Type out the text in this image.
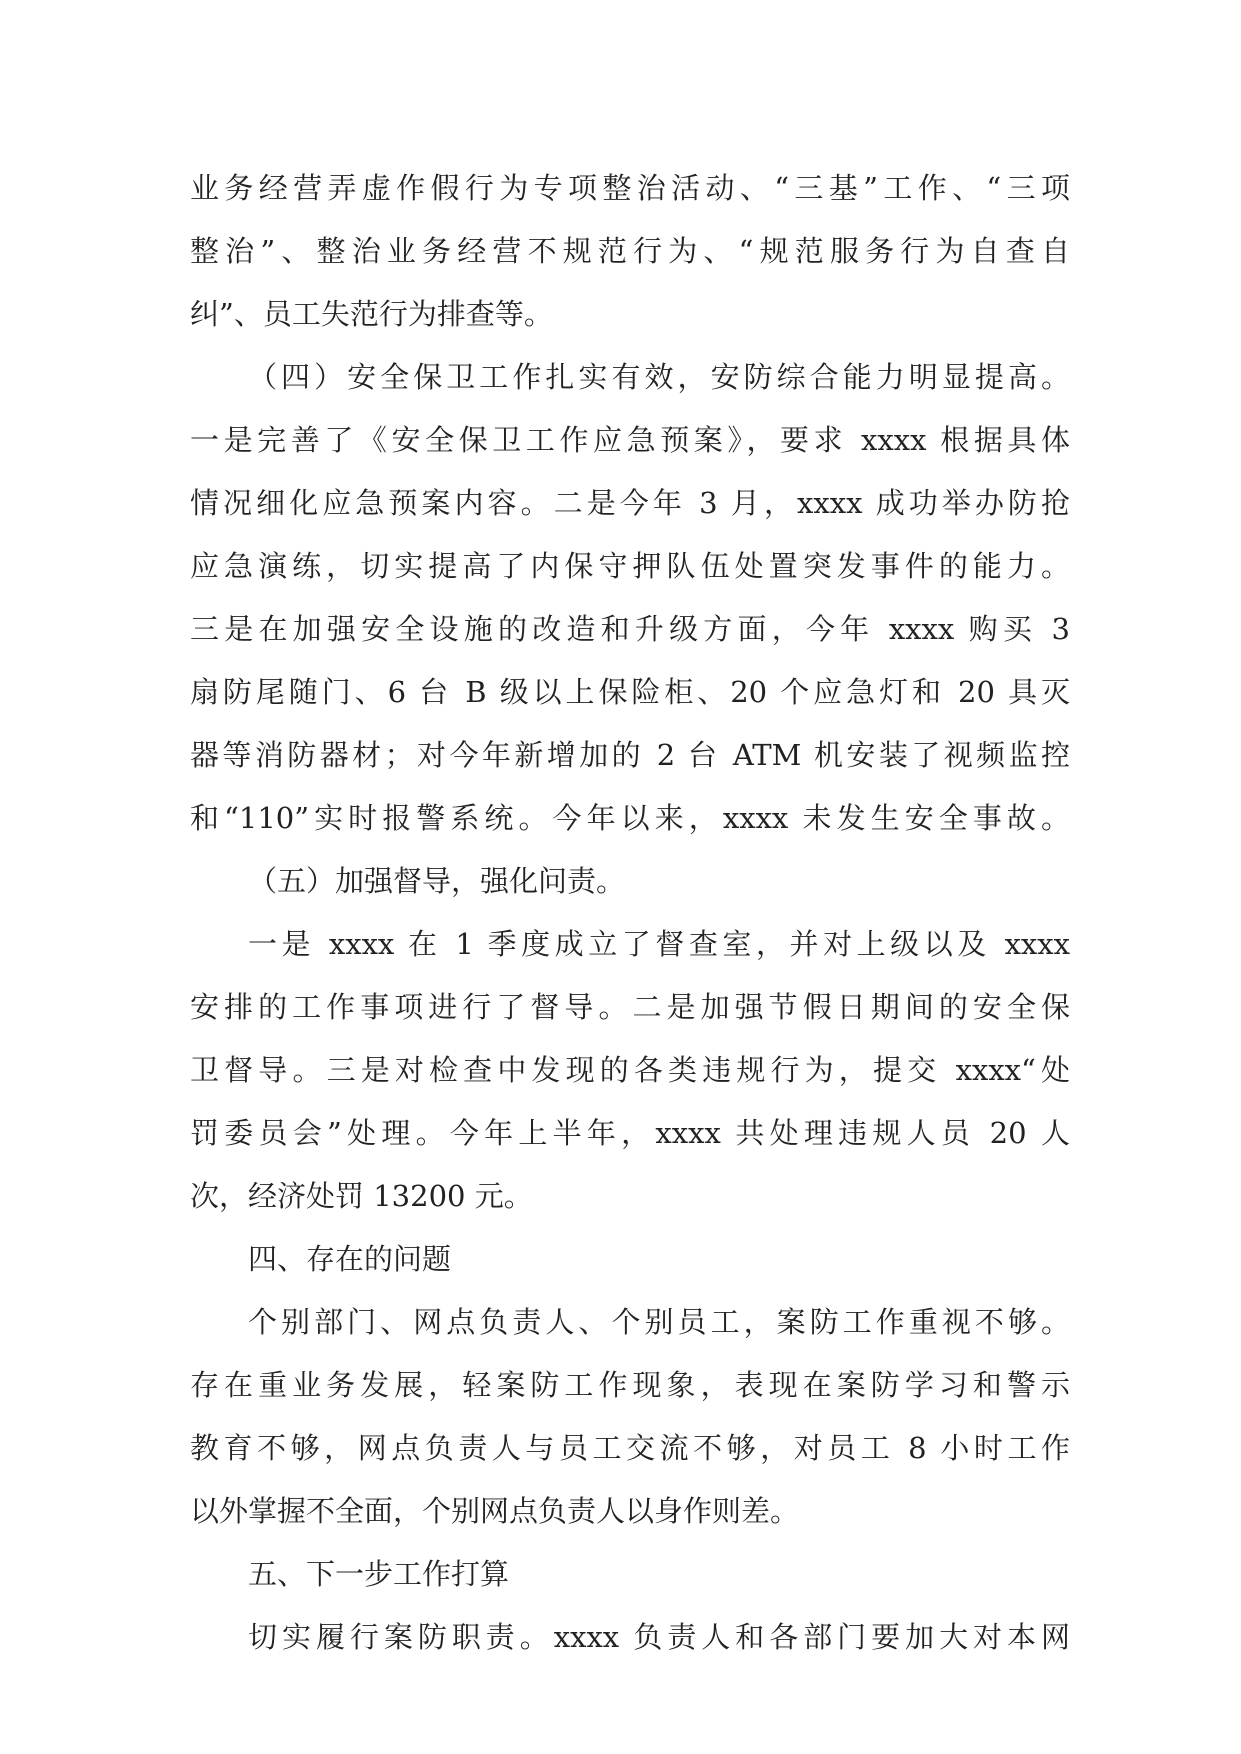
业务经营弄虚作假行为专项整治活动、“三基”工作、“三项
整治”、整治业务经营不规范行为、“规范服务行为自查自
纠”、员工失范行为排查等。
（四）安全保卫工作扎实有效，安防综合能力明显提高。
一是完善了《安全保卫工作应急预案》，要求 xxxx 根据具体
情况细化应急预案内容。二是今年 3 月，xxxx 成功举办防抢
应急演练，切实提高了内保守押队伍处置突发事件的能力。
三是在加强安全设施的改造和升级方面，今年 xxxx 购买 3
扇防尾随门、6 台 B 级以上保险柜、20 个应急灯和 20 具灭
器等消防器材；对今年新增加的 2 台 ATM 机安装了视频监控
和“110”实时报警系统。今年以来，xxxx 未发生安全事故。
（五）加强督导，强化问责。
一是 xxxx 在 1 季度成立了督查室，并对上级以及 xxxx
安排的工作事项进行了督导。二是加强节假日期间的安全保
卫督导。三是对检查中发现的各类违规行为，提交 xxxx“处
罚委员会”处理。今年上半年，xxxx 共处理违规人员 20 人
次，经济处罚 13200 元。
四、存在的问题
个别部门、网点负责人、个别员工，案防工作重视不够。
存在重业务发展，轻案防工作现象，表现在案防学习和警示
教育不够，网点负责人与员工交流不够，对员工 8 小时工作
以外掌握不全面，个别网点负责人以身作则差。
五、下一步工作打算
切实履行案防职责。xxxx 负责人和各部门要加大对本网
